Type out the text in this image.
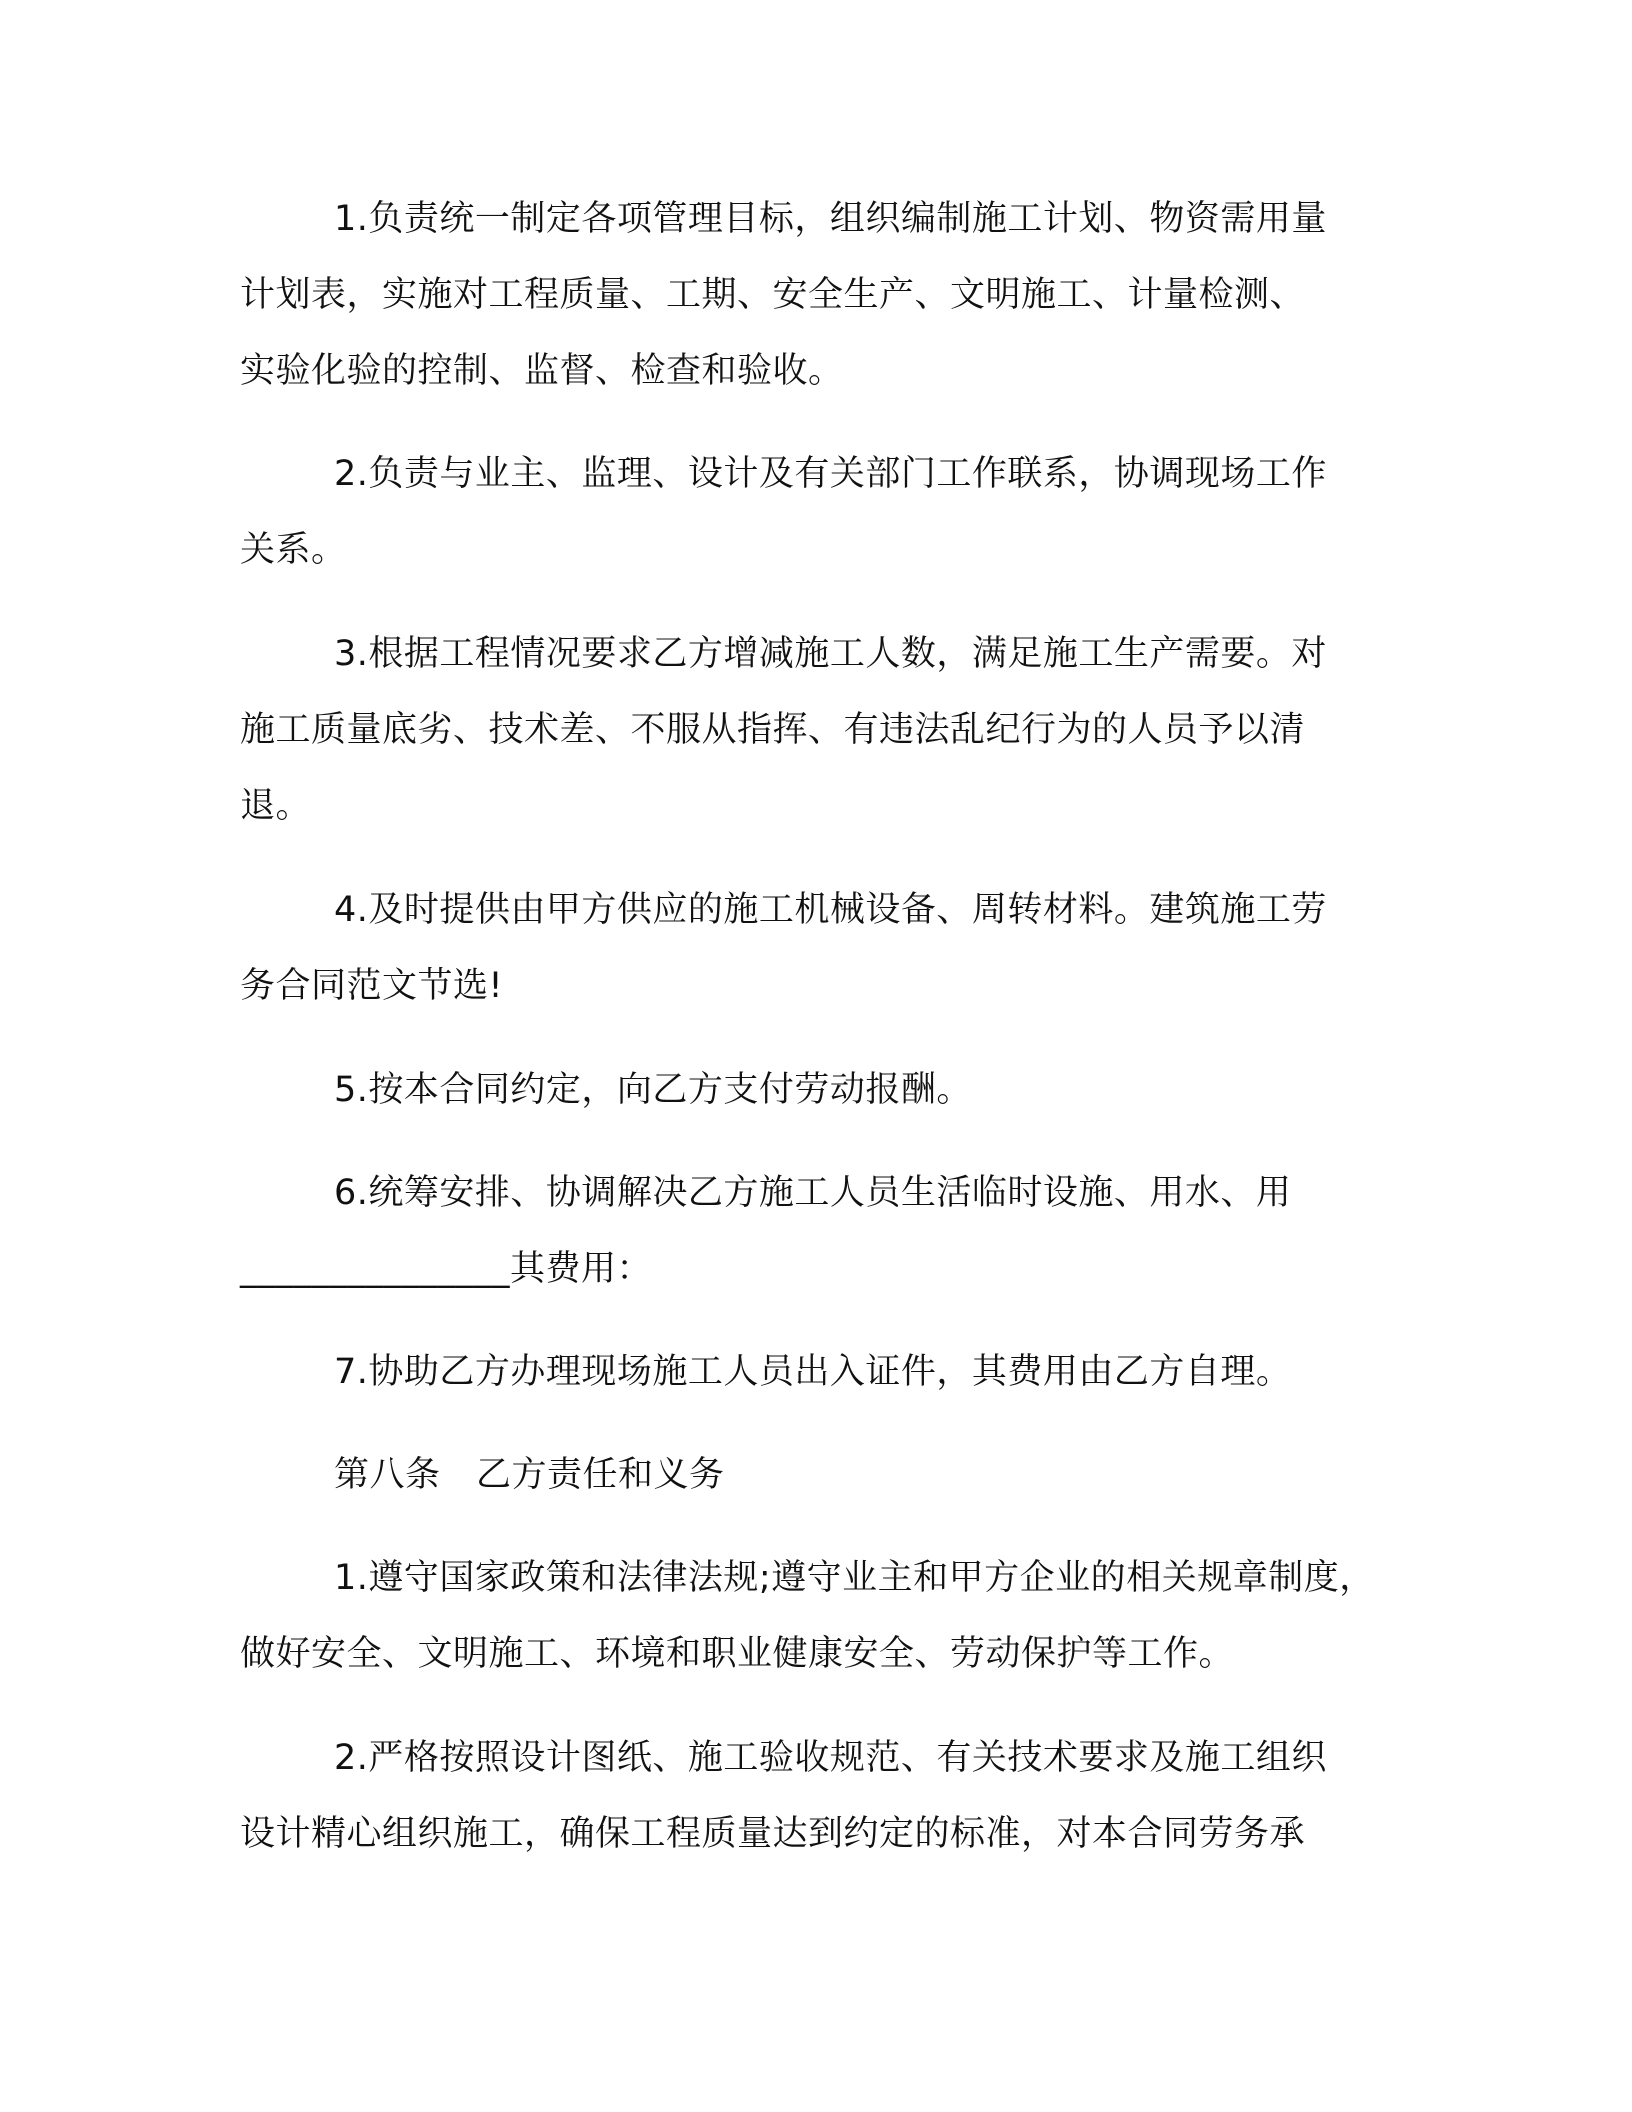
1.负责统一制定各项管理目标，组织编制施工计划、物资需用量
计划表，实施对工程质量、工期、安全生产、文明施工、计量检测、
实验化验的控制、监督、检查和验收。
2.负责与业主、监理、设计及有关部门工作联系，协调现场工作
关系。
3.根据工程情况要求乙方增减施工人数，满足施工生产需要。对
施工质量底劣、技术差、不服从指挥、有违法乱纪行为的人员予以清
退。
4.及时提供由甲方供应的施工机械设备、周转材料。建筑施工劳
务合同范文节选!
5.按本合同约定，向乙方支付劳动报酬。
6.统筹安排、协调解决乙方施工人员生活临时设施、用水、用
_______________其费用：
7.协助乙方办理现场施工人员出入证件，其费用由乙方自理。
第八条　乙方责任和义务
1.遵守国家政策和法律法规;遵守业主和甲方企业的相关规章制度，
做好安全、文明施工、环境和职业健康安全、劳动保护等工作。
2.严格按照设计图纸、施工验收规范、有关技术要求及施工组织
设计精心组织施工，确保工程质量达到约定的标准，对本合同劳务承
